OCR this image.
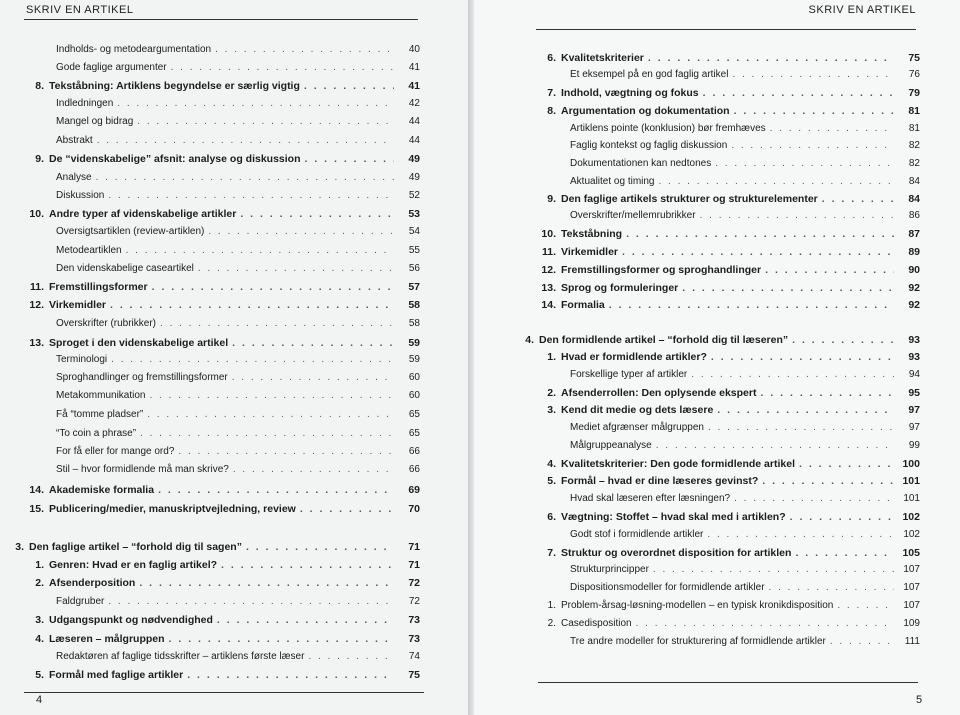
SKRIV EN ARTIKEL
Indholds- og metodeargumentation . . .	40
Gode faglige argumenter . . .	41
8. Tekståbning: Artiklens begyndelse er særlig vigtig . . .	41
Indledningen . . .	42
Mangel og bidrag . . .	44
Abstrakt . . .	44
9. De “videnskabelige” afsnit: analyse og diskussion . . .	49
Analyse . . .	49
Diskussion . . .	52
10. Andre typer af videnskabelige artikler . . .	53
Oversigtsartiklen (review-artiklen) . . .	54
Metodeartiklen . . .	55
Den videnskabelige caseartikel . . .	56
11. Fremstillingsformer . . .	57
12. Virkemidler . . .	58
Overskrifter (rubrikker) . . .	58
13. Sproget i den videnskabelige artikel . . .	59
Terminologi . . .	59
Sproghandlinger og fremstillingsformer . . .	60
Metakommunikation . . .	60
Få “tomme pladser” . . .	65
“To coin a phrase” . . .	65
For få eller for mange ord? . . .	66
Stil – hvor formidlende må man skrive? . . .	66
14. Akademiske formalia . . .	69
15. Publicering/medier, manuskriptvejledning, review . . .	70
3. Den faglige artikel – “forhold dig til sagen” . . .	71
1. Genren: Hvad er en faglig artikel? . . .	71
2. Afsenderposition . . .	72
Faldgruber . . .	72
3. Udgangspunkt og nødvendighed . . .	73
4. Læseren – målgruppen . . .	73
Redaktøren af faglige tidsskrifter – artiklens første læser . . .	74
5. Formål med faglige artikler . . .	75
4
SKRIV EN ARTIKEL
6. Kvalitetskriterier . . .	75
Et eksempel på en god faglig artikel . . .	76
7. Indhold, vægtning og fokus . . .	79
8. Argumentation og dokumentation . . .	81
Artiklens pointe (konklusion) bør fremhæves . . .	81
Faglig kontekst og faglig diskussion . . .	82
Dokumentationen kan nedtones . . .	82
Aktualitet og timing . . .	84
9. Den faglige artikels strukturer og strukturelementer . . .	84
Overskrifter/mellemrubrikker . . .	86
10. Tekståbning . . .	87
11. Virkemidler . . .	89
12. Fremstillingsformer og sproghandlinger . . .	90
13. Sprog og formuleringer . . .	92
14. Formalia . . .	92
4. Den formidlende artikel – “forhold dig til læseren” . . .	93
1. Hvad er formidlende artikler? . . .	93
Forskellige typer af artikler . . .	94
2. Afsenderrollen: Den oplysende ekspert . . .	95
3. Kend dit medie og dets læsere . . .	97
Mediet afgrænser målgruppen . . .	97
Målgruppeanalyse . . .	99
4. Kvalitetskriterier: Den gode formidlende artikel . . .	100
5. Formål – hvad er dine læseres gevinst? . . .	101
Hvad skal læseren efter læsningen? . . .	101
6. Vægtning: Stoffet – hvad skal med i artiklen? . . .	102
Godt stof i formidlende artikler . . .	102
7. Struktur og overordnet disposition for artiklen . . .	105
Strukturprincipper . . .	107
Dispositionsmodeller for formidlende artikler . . .	107
1. Problem-årsag-løsning-modellen – en typisk kronikdisposition . . .	107
2. Casedisposition . . .	109
Tre andre modeller for strukturering af formidlende artikler . . .	111
5
